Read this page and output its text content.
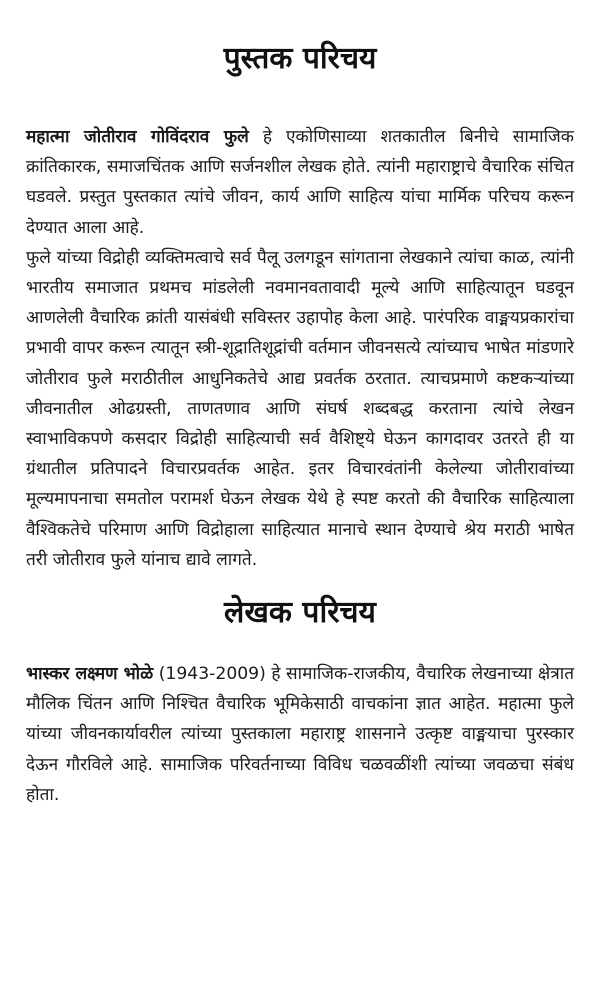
पुस्तक परिचय

महात्मा जोतीराव गोविंदराव फुले हे एकोणिसाव्या शतकातील बिनीचे सामाजिक क्रांतिकारक, समाजचिंतक आणि सर्जनशील लेखक होते. त्यांनी महाराष्ट्राचे वैचारिक संचित घडवले. प्रस्तुत पुस्तकात त्यांचे जीवन, कार्य आणि साहित्य यांचा मार्मिक परिचय करून देण्यात आला आहे.

फुले यांच्या विद्रोही व्यक्तिमत्वाचे सर्व पैलू उलगडून सांगताना लेखकाने त्यांचा काळ, त्यांनी भारतीय समाजात प्रथमच मांडलेली नवमानवतावादी मूल्ये आणि साहित्यातून घडवून आणलेली वैचारिक क्रांती यासंबंधी सविस्तर उहापोह केला आहे. पारंपरिक वाङ्मयप्रकारांचा प्रभावी वापर करून त्यातून स्त्री-शूद्रातिशूद्रांची वर्तमान जीवनसत्ये त्यांच्याच भाषेत मांडणारे जोतीराव फुले मराठीतील आधुनिकतेचे आद्य प्रवर्तक ठरतात. त्याचप्रमाणे कष्टकऱ्यांच्या जीवनातील ओढग्रस्ती, ताणतणाव आणि संघर्ष शब्दबद्ध करताना त्यांचे लेखन स्वाभाविकपणे कसदार विद्रोही साहित्याची सर्व वैशिष्ट्ये घेऊन कागदावर उतरते ही या ग्रंथातील प्रतिपादने विचारप्रवर्तक आहेत. इतर विचारवंतांनी केलेल्या जोतीरावांच्या मूल्यमापनाचा समतोल परामर्श घेऊन लेखक येथे हे स्पष्ट करतो की वैचारिक साहित्याला वैश्विकतेचे परिमाण आणि विद्रोहाला साहित्यात मानाचे स्थान देण्याचे श्रेय मराठी भाषेत तरी जोतीराव फुले यांनाच द्यावे लागते.

लेखक परिचय

भास्कर लक्ष्मण भोळे (1943-2009) हे सामाजिक-राजकीय, वैचारिक लेखनाच्या क्षेत्रात मौलिक चिंतन आणि निश्चित वैचारिक भूमिकेसाठी वाचकांना ज्ञात आहेत. महात्मा फुले यांच्या जीवनकार्यावरील त्यांच्या पुस्तकाला महाराष्ट्र शासनाने उत्कृष्ट वाङ्मयाचा पुरस्कार देऊन गौरविले आहे. सामाजिक परिवर्तनाच्या विविध चळवळींशी त्यांच्या जवळचा संबंध होता.
